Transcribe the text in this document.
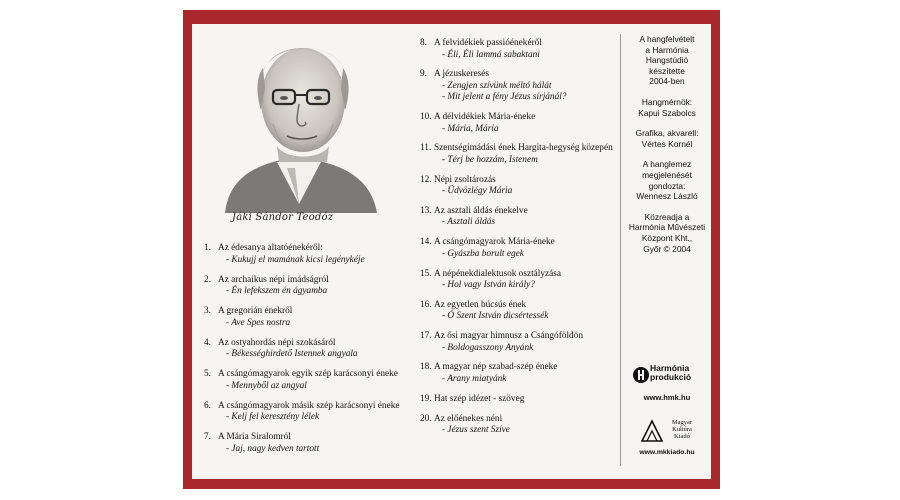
Jáki Sándor Teodóz
1. Az édesanya altatóénekéről:
- Kukujj el mamának kicsi legénykéje
2. Az archaikus népi imádságról
- Én lefekszem én ágyamba
3. A gregorián énekről
- Ave Spes nostra
4. Az ostyahordás népi szokásáról
- Békességhirdető Istennek angyala
5. A csángómagyarok egyik szép karácsonyi éneke
- Mennyből az angyal
6. A csángómagyarok másik szép karácsonyi éneke
- Kelj fel keresztény lélek
7. A Mária Siralomról
- Jaj, nagy kedven tartott
8. A felvidékiek passióénekéről
- Éli, Éli lammá sabaktani
9. A jézuskeresés
- Zengjen szívünk méltó hálát
- Mit jelent a fény Jézus sírjánál?
10. A délvidékiek Mária-éneke
- Mária, Mária
11. Szentségimádási ének Hargita-hegység közepén
- Térj be hozzám, Istenem
12. Népi zsoltározás
- Üdvözlégy Mária
13. Az asztali áldás énekelve
- Asztali áldás
14. A csángómagyarok Mária-éneke
- Gyászba borult egek
15. A népénekdialektusok osztályzása
- Hol vagy István király?
16. Az egyetlen búcsús ének
- Ó Szent István dicsértessék
17. Az ősi magyar himnusz a Csángóföldön
- Boldogasszony Anyánk
18. A magyar nép szabad-szép éneke
- Arany miatyánk
19. Hat szép idézet - szöveg
20. Az előénekes néni
- Jézus szent Szíve
A hangfelvételt
a Harmónia
Hangstúdió
készítette
2004-ben
Hangmérnök:
Kapui Szabolcs
Grafika, akvarell:
Vértes Kornél
A hanglemez
megjelenését
gondozta:
Wennesz László
Közreadja a
Harmónia Művészeti
Központ Kht.,
Győr © 2004
Harmónia
produkció
www.hmk.hu
Magyar
Kultúra
Kiadó
www.mkkiado.hu
